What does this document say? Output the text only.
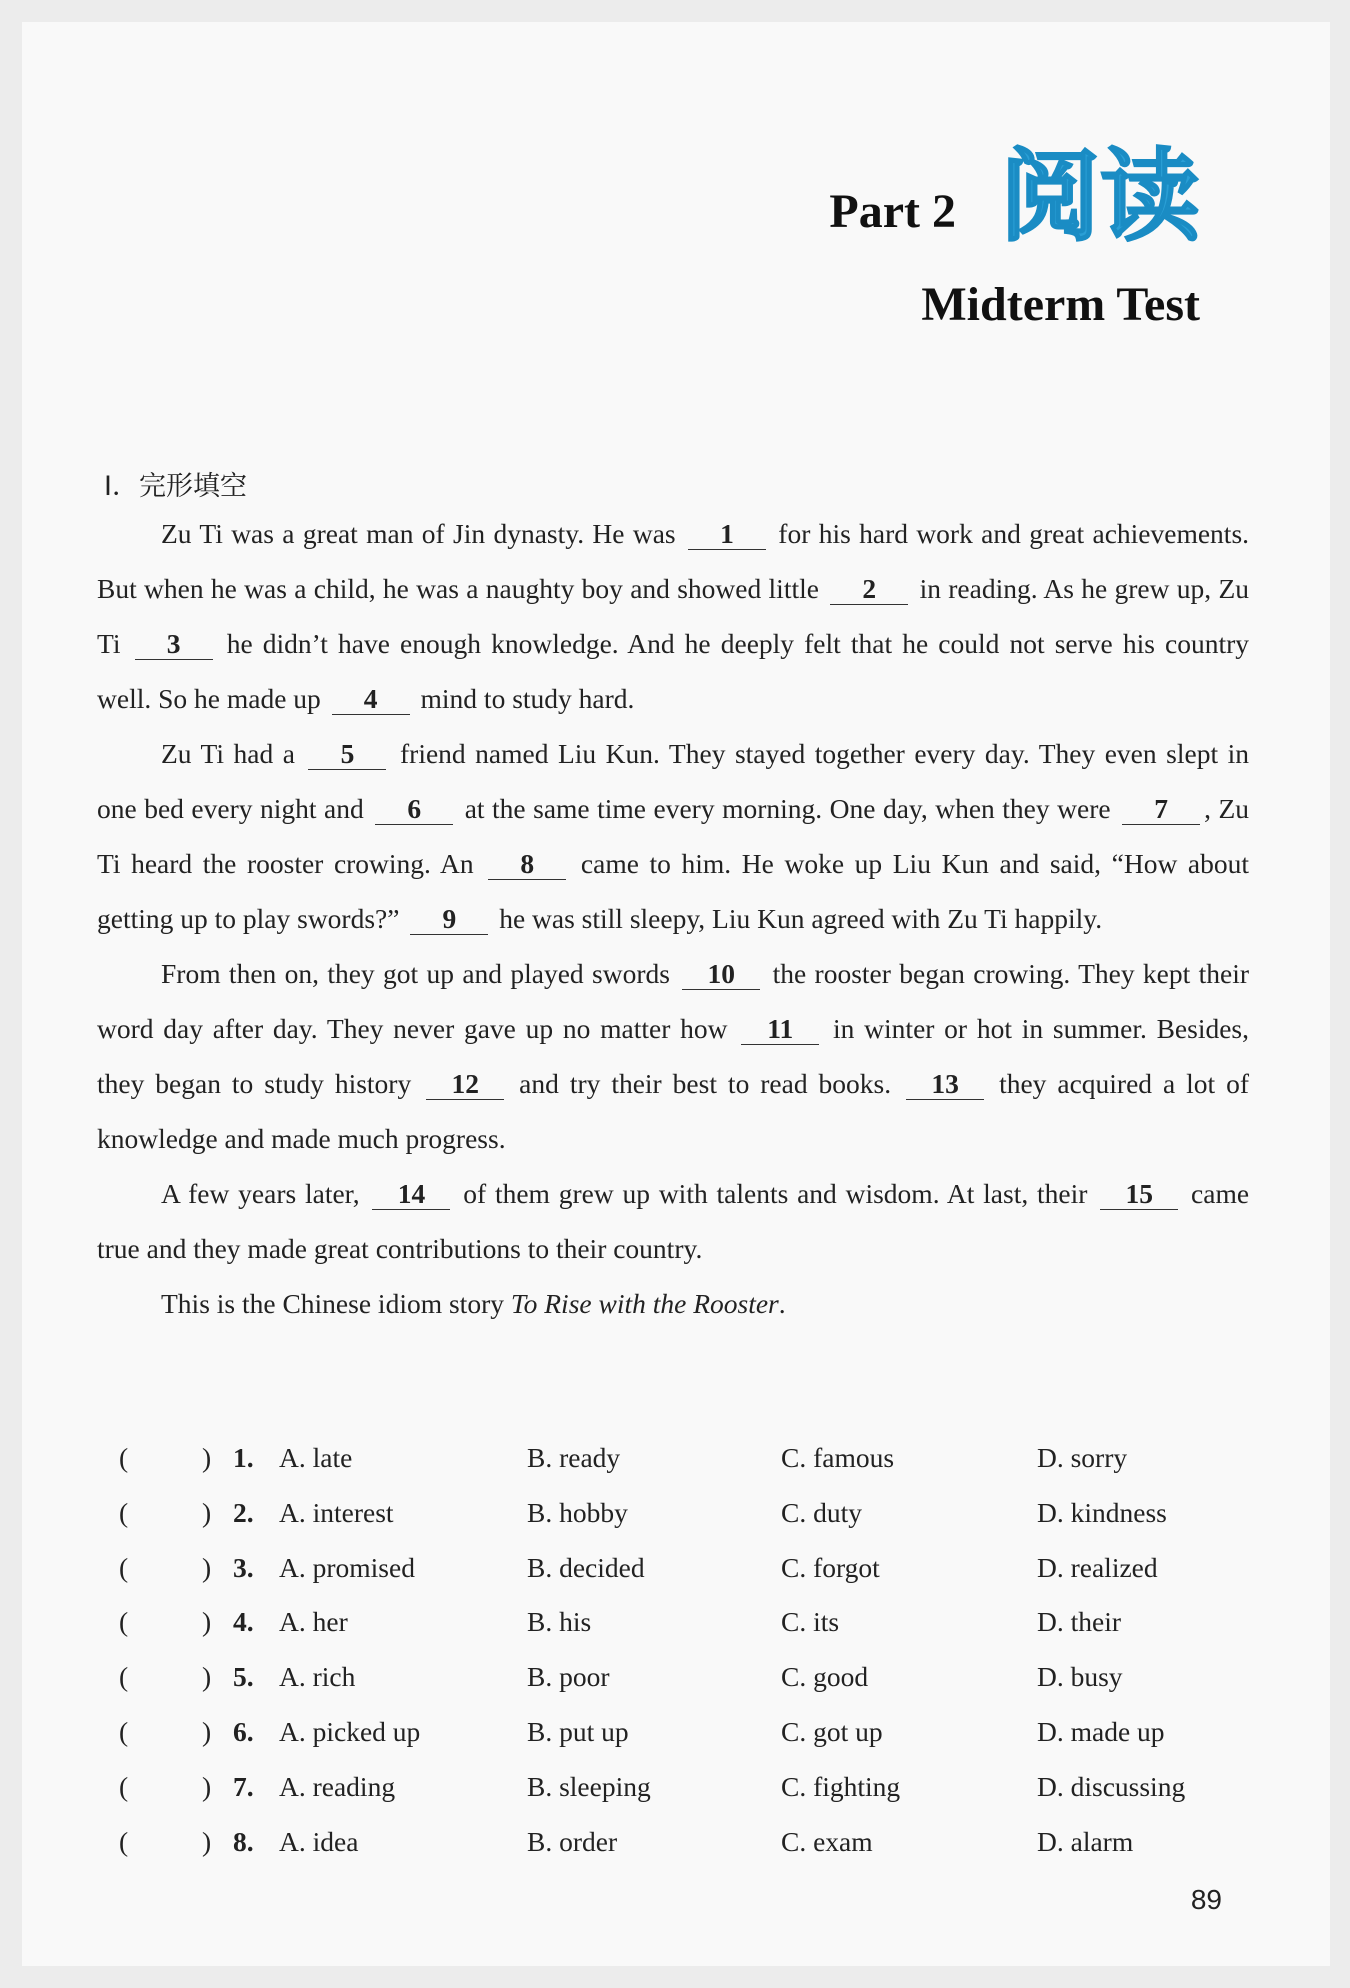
Part 2 阅读
Midterm Test
I．完形填空

Zu Ti was a great man of Jin dynasty. He was 1 for his hard work and great achievements. But when he was a child, he was a naughty boy and showed little 2 in reading. As he grew up, Zu Ti 3 he didn’t have enough knowledge. And he deeply felt that he could not serve his country well. So he made up 4 mind to study hard.

Zu Ti had a 5 friend named Liu Kun. They stayed together every day. They even slept in one bed every night and 6 at the same time every morning. One day, when they were 7 , Zu Ti heard the rooster crowing. An 8 came to him. He woke up Liu Kun and said, “How about getting up to play swords?” 9 he was still sleepy, Liu Kun agreed with Zu Ti happily.

From then on, they got up and played swords 10 the rooster began crowing. They kept their word day after day. They never gave up no matter how 11 in winter or hot in summer. Besides, they began to study history 12 and try their best to read books. 13 they acquired a lot of knowledge and made much progress.

A few years later, 14 of them grew up with talents and wisdom. At last, their 15 came true and they made great contributions to their country.

This is the Chinese idiom story To Rise with the Rooster.

(	) 1. A. late	B. ready	C. famous	D. sorry
(	) 2. A. interest	B. hobby	C. duty	D. kindness
(	) 3. A. promised	B. decided	C. forgot	D. realized
(	) 4. A. her	B. his	C. its	D. their
(	) 5. A. rich	B. poor	C. good	D. busy
(	) 6. A. picked up	B. put up	C. got up	D. made up
(	) 7. A. reading	B. sleeping	C. fighting	D. discussing
(	) 8. A. idea	B. order	C. exam	D. alarm
89
